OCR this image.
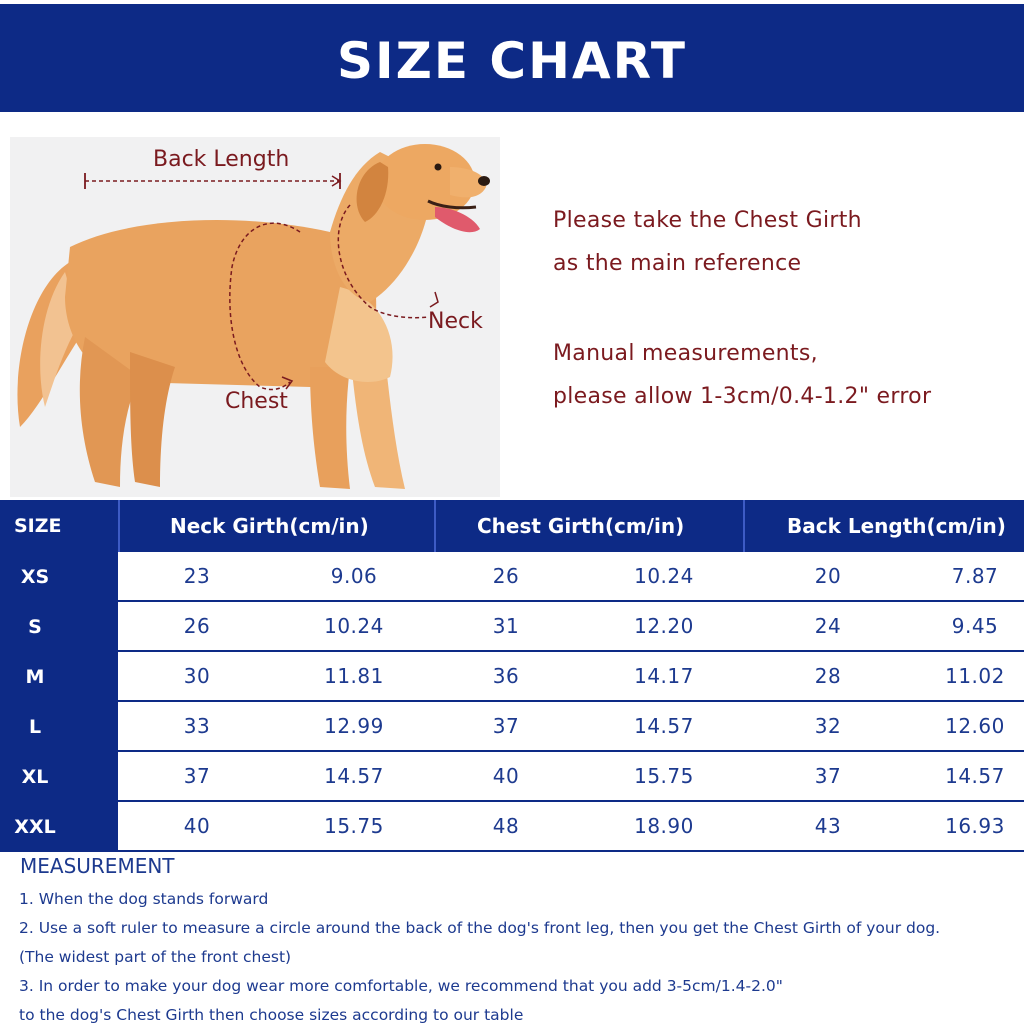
SIZE CHART
Back Length
Neck
Chest
Please take the Chest Girth
as the main reference
Manual measurements,
please allow 1-3cm/0.4-1.2" error
SIZE	Neck Girth(cm/in)	Chest Girth(cm/in)	Back Length(cm/in)
XS	23	9.06	26	10.24	20	7.87
S	26	10.24	31	12.20	24	9.45
M	30	11.81	36	14.17	28	11.02
L	33	12.99	37	14.57	32	12.60
XL	37	14.57	40	15.75	37	14.57
XXL	40	15.75	48	18.90	43	16.93
MEASUREMENT
1. When the dog stands forward
2. Use a soft ruler to measure a circle around the back of the dog's front leg, then you get the Chest Girth of your dog.
(The widest part of the front chest)
3. In order to make your dog wear more comfortable, we recommend that you add 3-5cm/1.4-2.0"
to the dog's Chest Girth then choose sizes according to our table
